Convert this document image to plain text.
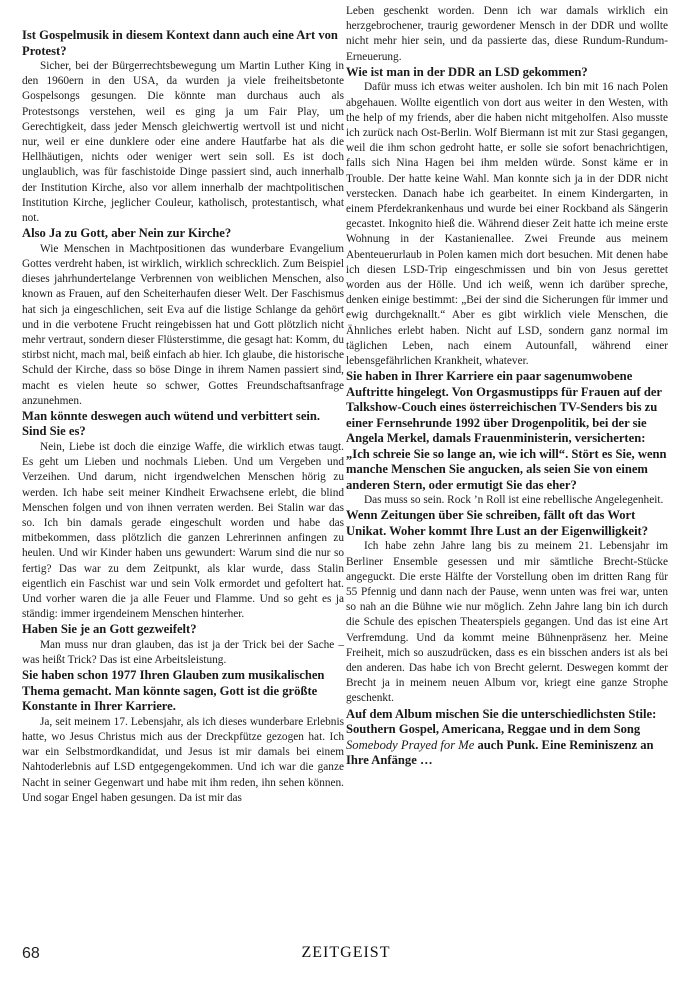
Ist Gospelmusik in diesem Kontext dann auch eine Art von Protest?

Sicher, bei der Bürgerrechtsbewegung um Martin Luther King in den 1960ern in den USA, da wurden ja viele freiheitsbetonte Gospelsongs gesungen. Die könnte man durchaus auch als Protestsongs verstehen, weil es ging ja um Fair Play, um Gerechtigkeit, dass jeder Mensch gleichwertig wertvoll ist und nicht nur, weil er eine dunklere oder eine andere Hautfarbe hat als die Hellhäutigen, nichts oder weniger wert sein soll. Es ist doch unglaublich, was für faschistoide Dinge passiert sind, auch innerhalb der Institution Kirche, also vor allem innerhalb der machtpolitischen Institution Kirche, jeglicher Couleur, katholisch, protestantisch, what not.

Also Ja zu Gott, aber Nein zur Kirche?

Wie Menschen in Machtpositionen das wunderbare Evangelium Gottes verdreht haben, ist wirklich, wirklich schrecklich. Zum Beispiel dieses jahrhundertelange Verbrennen von weiblichen Menschen, also known as Frauen, auf den Scheiterhaufen dieser Welt. Der Faschismus hat sich ja eingeschlichen, seit Eva auf die listige Schlange da gehört und in die verbotene Frucht reingebissen hat und Gott plötzlich nicht mehr vertraut, sondern dieser Flüsterstimme, die gesagt hat: Komm, du stirbst nicht, mach mal, beiß einfach ab hier. Ich glaube, die historische Schuld der Kirche, dass so böse Dinge in ihrem Namen passiert sind, macht es vielen heute so schwer, Gottes Freundschaftsanfrage anzunehmen.

Man könnte deswegen auch wütend und verbittert sein. Sind Sie es?

Nein, Liebe ist doch die einzige Waffe, die wirklich etwas taugt. Es geht um Lieben und nochmals Lieben. Und um Vergeben und Verzeihen. Und darum, nicht irgendwelchen Menschen hörig zu werden. Ich habe seit meiner Kindheit Erwachsene erlebt, die blind Menschen folgen und von ihnen verraten werden. Bei Stalin war das so. Ich bin damals gerade eingeschult worden und habe das mitbekommen, dass plötzlich die ganzen Lehrerinnen anfingen zu heulen. Und wir Kinder haben uns gewundert: Warum sind die nur so fertig? Das war zu dem Zeitpunkt, als klar wurde, dass Stalin eigentlich ein Faschist war und sein Volk ermordet und gefoltert hat. Und vorher waren die ja alle Feuer und Flamme. Und so geht es ja ständig: immer irgendeinem Menschen hinterher.

Haben Sie je an Gott gezweifelt?

Man muss nur dran glauben, das ist ja der Trick bei der Sache – was heißt Trick? Das ist eine Arbeitsleistung.

Sie haben schon 1977 Ihren Glauben zum musikalischen Thema gemacht. Man könnte sagen, Gott ist die größte Konstante in Ihrer Karriere.

Ja, seit meinem 17. Lebensjahr, als ich dieses wunderbare Erlebnis hatte, wo Jesus Christus mich aus der Dreckpfütze gezogen hat. Ich war ein Selbstmordkandidat, und Jesus ist mir damals bei einem Nahtoderlebnis auf LSD entgegengekommen. Und ich war die ganze Nacht in seiner Gegenwart und habe mit ihm reden, ihn sehen können. Und sogar Engel haben gesungen. Da ist mir das

Leben geschenkt worden. Denn ich war damals wirklich ein herzgebrochener, traurig gewordener Mensch in der DDR und wollte nicht mehr hier sein, und da passierte das, diese Rundum-Rundum-Erneuerung.

Wie ist man in der DDR an LSD gekommen?

Dafür muss ich etwas weiter ausholen. Ich bin mit 16 nach Polen abgehauen. Wollte eigentlich von dort aus weiter in den Westen, with the help of my friends, aber die haben nicht mitgeholfen. Also musste ich zurück nach Ost-Berlin. Wolf Biermann ist mit zur Stasi gegangen, weil die ihm schon gedroht hatte, er solle sie sofort benachrichtigen, falls sich Nina Hagen bei ihm melden würde. Sonst käme er in Trouble. Der hatte keine Wahl. Man konnte sich ja in der DDR nicht verstecken. Danach habe ich gearbeitet. In einem Kindergarten, in einem Pferdekrankenhaus und wurde bei einer Rockband als Sängerin gecastet. Inkognito hieß die. Während dieser Zeit hatte ich meine erste Wohnung in der Kastanienallee. Zwei Freunde aus meinem Abenteuerurlaub in Polen kamen mich dort besuchen. Mit denen habe ich diesen LSD-Trip eingeschmissen und bin von Jesus gerettet worden aus der Hölle. Und ich weiß, wenn ich darüber spreche, denken einige bestimmt: „Bei der sind die Sicherungen für immer und ewig durchgeknallt.“ Aber es gibt wirklich viele Menschen, die Ähnliches erlebt haben. Nicht auf LSD, sondern ganz normal im täglichen Leben, nach einem Autounfall, während einer lebensgefährlichen Krankheit, whatever.

Sie haben in Ihrer Karriere ein paar sagenumwobene Auftritte hingelegt. Von Orgasmustipps für Frauen auf der Talkshow-Couch eines österreichischen TV-Senders bis zu einer Fernsehrunde 1992 über Drogenpolitik, bei der sie Angela Merkel, damals Frauenministerin, versicherten: „Ich schreie Sie so lange an, wie ich will“. Stört es Sie, wenn manche Menschen Sie angucken, als seien Sie von einem anderen Stern, oder ermutigt Sie das eher?

Das muss so sein. Rock ’n Roll ist eine rebellische Angelegenheit.

Wenn Zeitungen über Sie schreiben, fällt oft das Wort Unikat. Woher kommt Ihre Lust an der Eigenwilligkeit?

Ich habe zehn Jahre lang bis zu meinem 21. Lebensjahr im Berliner Ensemble gesessen und mir sämtliche Brecht-Stücke angeguckt. Die erste Hälfte der Vorstellung oben im dritten Rang für 55 Pfennig und dann nach der Pause, wenn unten was frei war, unten so nah an die Bühne wie nur möglich. Zehn Jahre lang bin ich durch die Schule des epischen Theaterspiels gegangen. Und das ist eine Art Verfremdung. Und da kommt meine Bühnenpräsenz her. Meine Freiheit, mich so auszudrücken, dass es ein bisschen anders ist als bei den anderen. Das habe ich von Brecht gelernt. Deswegen kommt der Brecht ja in meinem neuen Album vor, kriegt eine ganze Strophe geschenkt.

Auf dem Album mischen Sie die unterschiedlichsten Stile: Southern Gospel, Americana, Reggae und in dem Song Somebody Prayed for Me auch Punk. Eine Reminiszenz an Ihre Anfänge …

68	ZEITGEIST
